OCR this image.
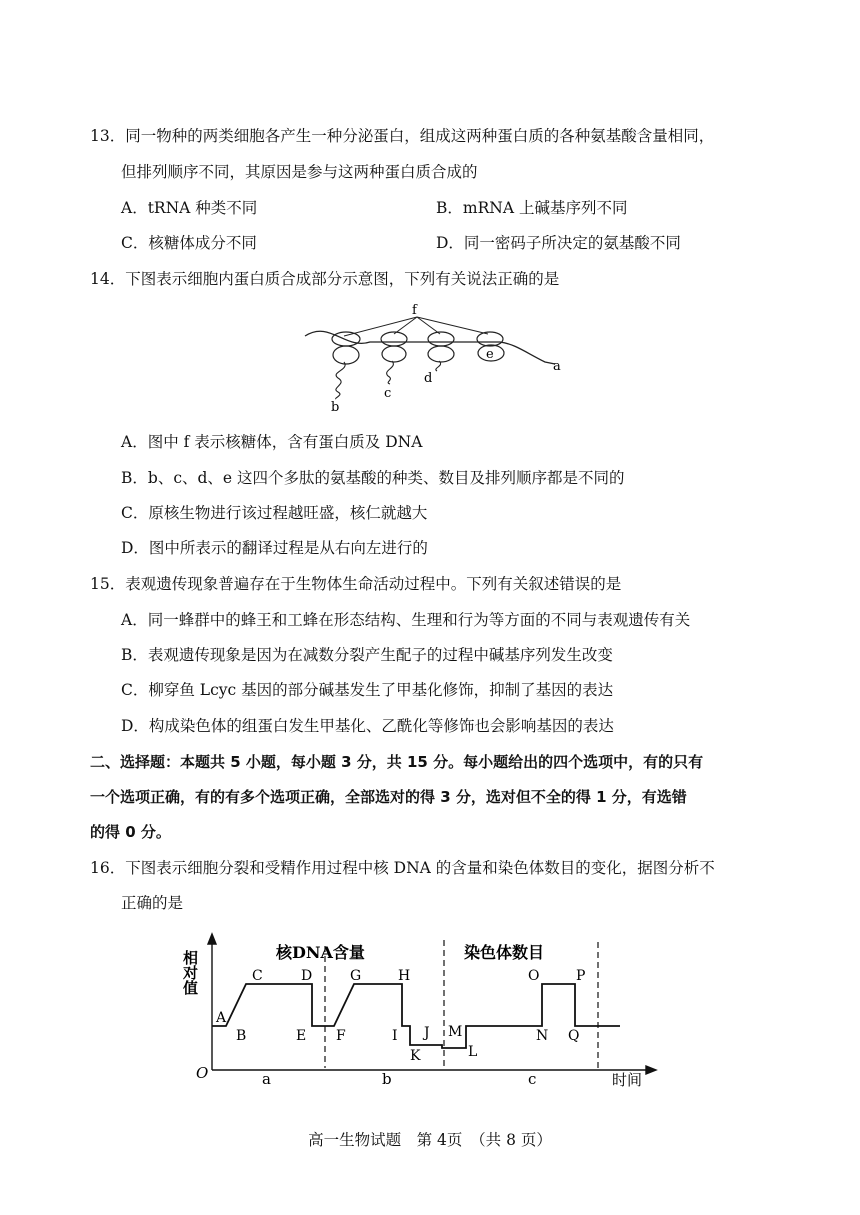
13．同一物种的两类细胞各产生一种分泌蛋白，组成这两种蛋白质的各种氨基酸含量相同，
但排列顺序不同，其原因是参与这两种蛋白质合成的
A．tRNA 种类不同	B．mRNA 上碱基序列不同
C．核糖体成分不同	D．同一密码子所决定的氨基酸不同
14．下图表示细胞内蛋白质合成部分示意图，下列有关说法正确的是
f
a
b
c
d
e
A．图中 f 表示核糖体，含有蛋白质及 DNA
B．b、c、d、e 这四个多肽的氨基酸的种类、数目及排列顺序都是不同的
C．原核生物进行该过程越旺盛，核仁就越大
D．图中所表示的翻译过程是从右向左进行的
15．表观遗传现象普遍存在于生物体生命活动过程中。下列有关叙述错误的是
A．同一蜂群中的蜂王和工蜂在形态结构、生理和行为等方面的不同与表观遗传有关
B．表观遗传现象是因为在减数分裂产生配子的过程中碱基序列发生改变
C．柳穿鱼 Lcyc 基因的部分碱基发生了甲基化修饰，抑制了基因的表达
D．构成染色体的组蛋白发生甲基化、乙酰化等修饰也会影响基因的表达
二、选择题：本题共 5 小题，每小题 3 分，共 15 分。每小题给出的四个选项中，有的只有
一个选项正确，有的有多个选项正确，全部选对的得 3 分，选对但不全的得 1 分，有选错
的得 0 分。
16．下图表示细胞分裂和受精作用过程中核 DNA 的含量和染色体数目的变化，据图分析不
正确的是
相对值
O	时间
核DNA含量	染色体数目
A
B
C	D
E F
G	H
I J
K	L
M	N
O	P
Q
a	b	c
高一生物试题　第 4页　（共 8 页）
